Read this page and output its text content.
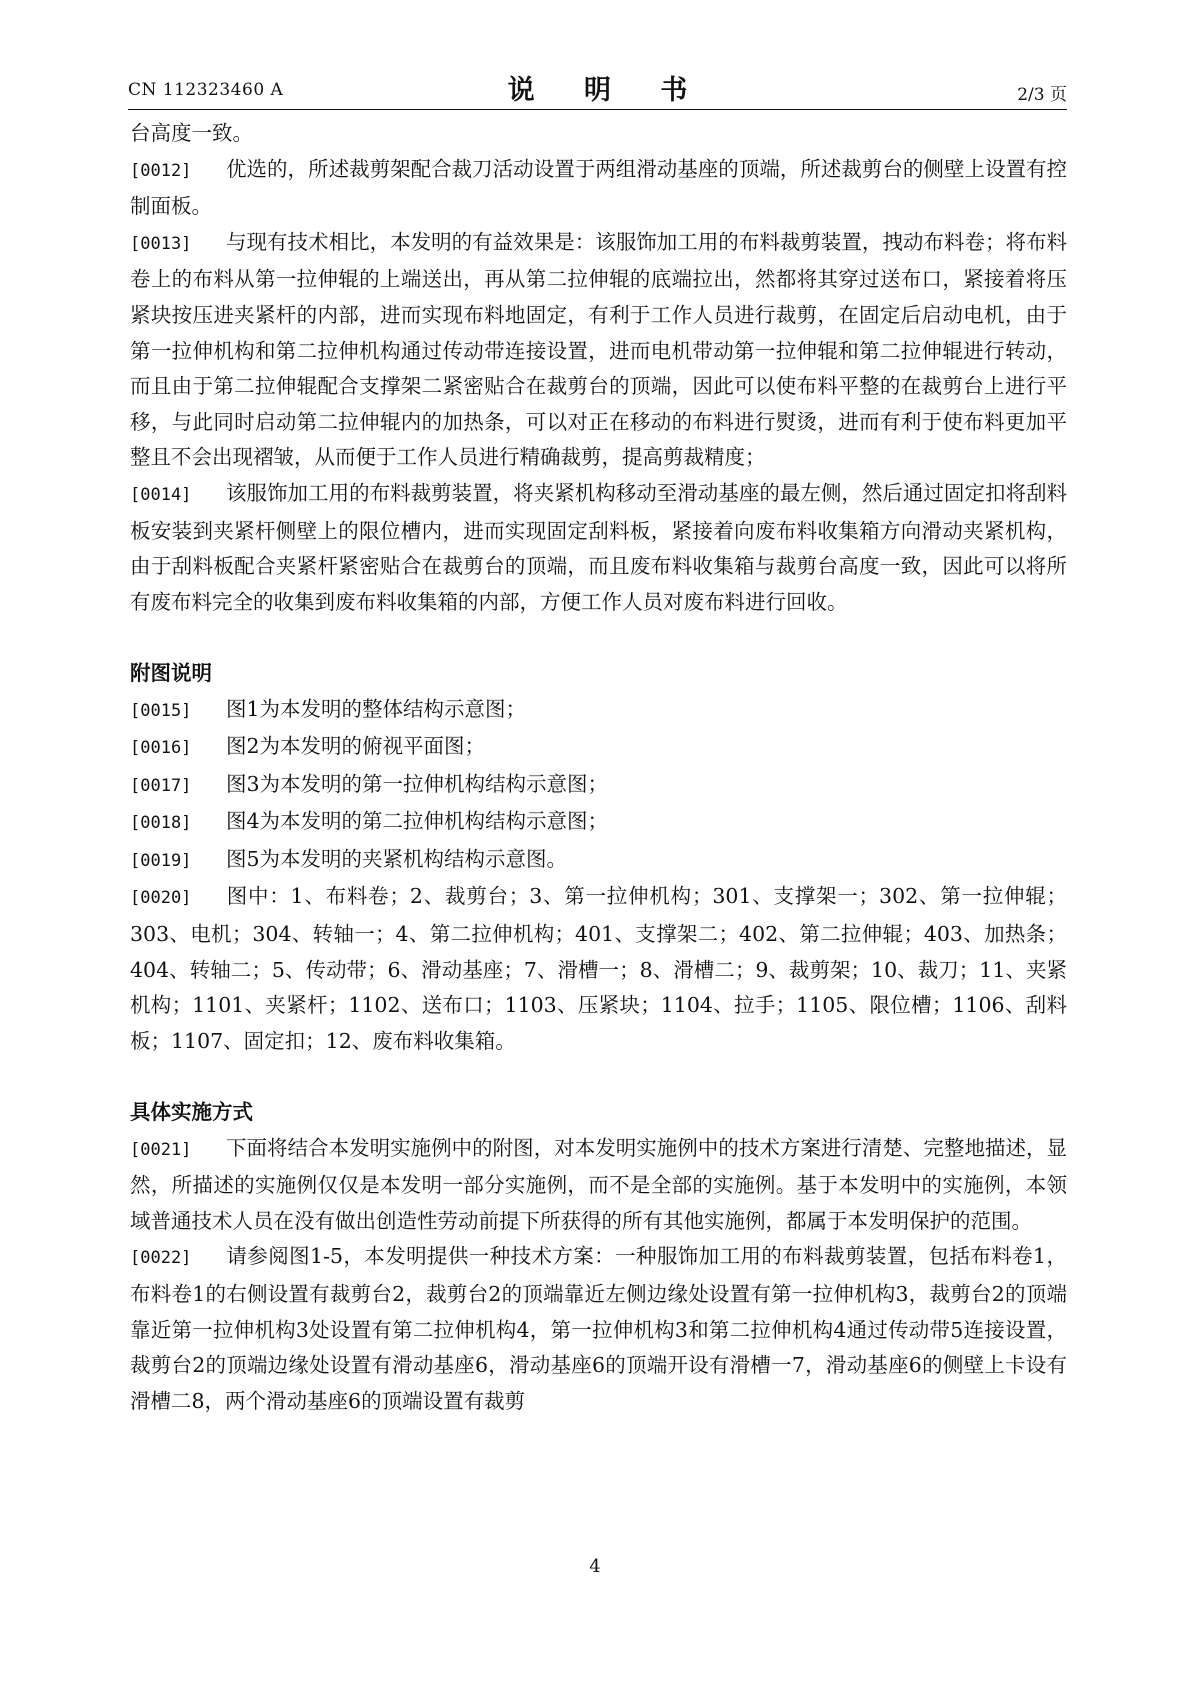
CN 112323460 A	说 明 书	2/3 页

台高度一致。

[0012] 优选的，所述裁剪架配合裁刀活动设置于两组滑动基座的顶端，所述裁剪台的侧壁上设置有控制面板。

[0013] 与现有技术相比，本发明的有益效果是：该服饰加工用的布料裁剪装置，拽动布料卷；将布料卷上的布料从第一拉伸辊的上端送出，再从第二拉伸辊的底端拉出，然都将其穿过送布口，紧接着将压紧块按压进夹紧杆的内部，进而实现布料地固定，有利于工作人员进行裁剪，在固定后启动电机，由于第一拉伸机构和第二拉伸机构通过传动带连接设置，进而电机带动第一拉伸辊和第二拉伸辊进行转动，而且由于第二拉伸辊配合支撑架二紧密贴合在裁剪台的顶端，因此可以使布料平整的在裁剪台上进行平移，与此同时启动第二拉伸辊内的加热条，可以对正在移动的布料进行熨烫，进而有利于使布料更加平整且不会出现褶皱，从而便于工作人员进行精确裁剪，提高剪裁精度；

[0014] 该服饰加工用的布料裁剪装置，将夹紧机构移动至滑动基座的最左侧，然后通过固定扣将刮料板安装到夹紧杆侧壁上的限位槽内，进而实现固定刮料板，紧接着向废布料收集箱方向滑动夹紧机构，由于刮料板配合夹紧杆紧密贴合在裁剪台的顶端，而且废布料收集箱与裁剪台高度一致，因此可以将所有废布料完全的收集到废布料收集箱的内部，方便工作人员对废布料进行回收。

附图说明

[0015] 图1为本发明的整体结构示意图；

[0016] 图2为本发明的俯视平面图；

[0017] 图3为本发明的第一拉伸机构结构示意图；

[0018] 图4为本发明的第二拉伸机构结构示意图；

[0019] 图5为本发明的夹紧机构结构示意图。

[0020] 图中：1、布料卷；2、裁剪台；3、第一拉伸机构；301、支撑架一；302、第一拉伸辊；303、电机；304、转轴一；4、第二拉伸机构；401、支撑架二；402、第二拉伸辊；403、加热条；404、转轴二；5、传动带；6、滑动基座；7、滑槽一；8、滑槽二；9、裁剪架；10、裁刀；11、夹紧机构；1101、夹紧杆；1102、送布口；1103、压紧块；1104、拉手；1105、限位槽；1106、刮料板；1107、固定扣；12、废布料收集箱。

具体实施方式

[0021] 下面将结合本发明实施例中的附图，对本发明实施例中的技术方案进行清楚、完整地描述，显然，所描述的实施例仅仅是本发明一部分实施例，而不是全部的实施例。基于本发明中的实施例，本领域普通技术人员在没有做出创造性劳动前提下所获得的所有其他实施例，都属于本发明保护的范围。

[0022] 请参阅图1-5，本发明提供一种技术方案：一种服饰加工用的布料裁剪装置，包括布料卷1，布料卷1的右侧设置有裁剪台2，裁剪台2的顶端靠近左侧边缘处设置有第一拉伸机构3，裁剪台2的顶端靠近第一拉伸机构3处设置有第二拉伸机构4，第一拉伸机构3和第二拉伸机构4通过传动带5连接设置，裁剪台2的顶端边缘处设置有滑动基座6，滑动基座6的顶端开设有滑槽一7，滑动基座6的侧壁上卡设有滑槽二8，两个滑动基座6的顶端设置有裁剪

4
